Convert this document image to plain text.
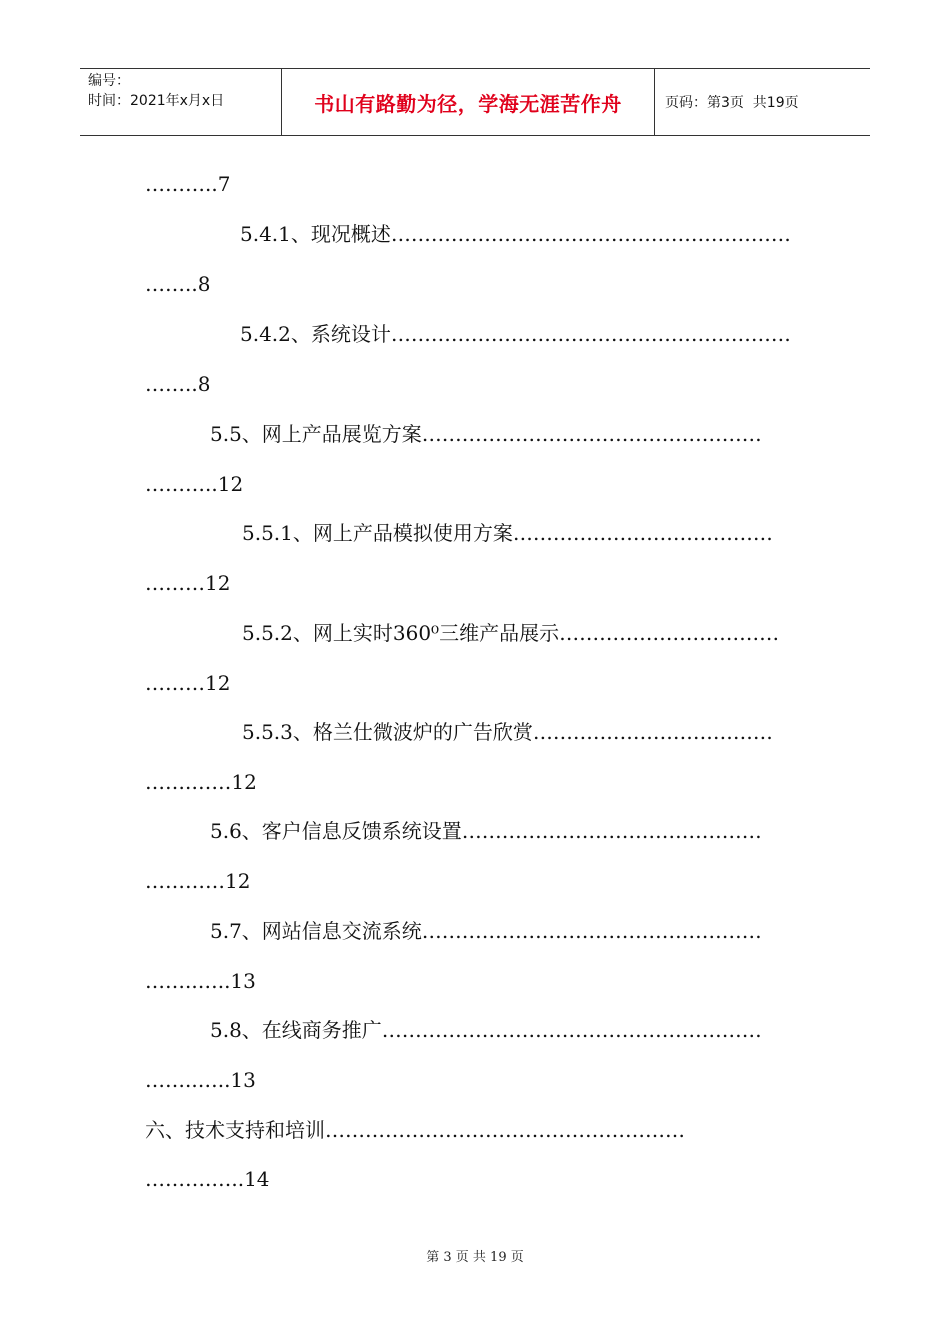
编号：
时间：2021年x月x日	书山有路勤为径，学海无涯苦作舟	页码：第3页  共19页
………..7
5.4.1、现况概述……………………………………………………
……..8
5.4.2、系统设计……………………………………………………
……..8
5.5、网上产品展览方案……………………………………………
………..12
5.5.1、网上产品模拟使用方案…………………………………
………12
5.5.2、网上实时360⁰三维产品展示……………………………
………12
5.5.3、格兰仕微波炉的广告欣赏………………………………
…….……12
5.6、客户信息反馈系统设置………………………………………
…………12
5.7、网站信息交流系统……………………………………………
……..…..13
5.8、在线商务推广…………………………………………………
……..…..13
六、技术支持和培训………………………………………………
……….…..14
第 3 页 共 19 页
